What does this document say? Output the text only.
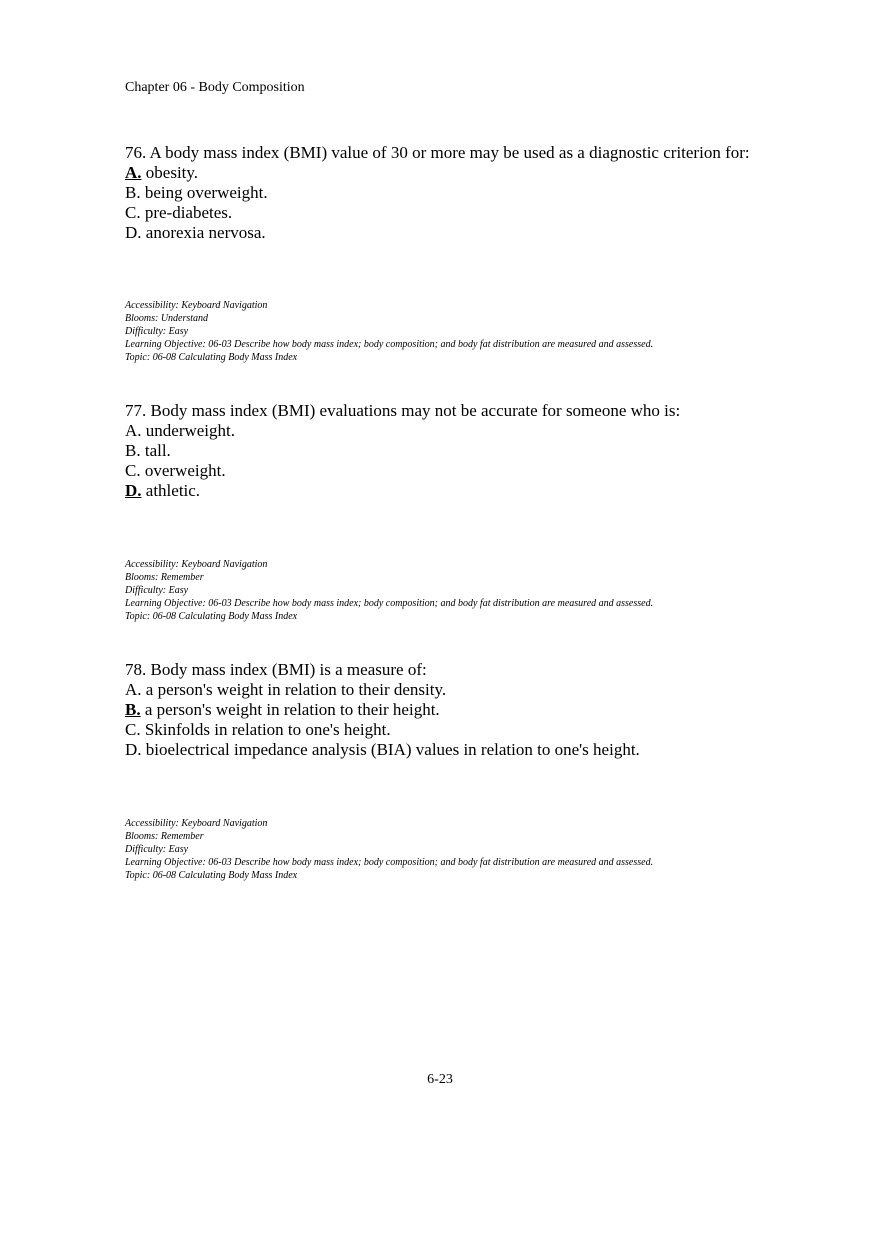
Chapter 06 - Body Composition
76. A body mass index (BMI) value of 30 or more may be used as a diagnostic criterion for:
A. obesity.
B. being overweight.
C. pre-diabetes.
D. anorexia nervosa.
Accessibility: Keyboard Navigation
Blooms: Understand
Difficulty: Easy
Learning Objective: 06-03 Describe how body mass index; body composition; and body fat distribution are measured and assessed.
Topic: 06-08 Calculating Body Mass Index
77. Body mass index (BMI) evaluations may not be accurate for someone who is:
A. underweight.
B. tall.
C. overweight.
D. athletic.
Accessibility: Keyboard Navigation
Blooms: Remember
Difficulty: Easy
Learning Objective: 06-03 Describe how body mass index; body composition; and body fat distribution are measured and assessed.
Topic: 06-08 Calculating Body Mass Index
78. Body mass index (BMI) is a measure of:
A. a person's weight in relation to their density.
B. a person's weight in relation to their height.
C. Skinfolds in relation to one's height.
D. bioelectrical impedance analysis (BIA) values in relation to one's height.
Accessibility: Keyboard Navigation
Blooms: Remember
Difficulty: Easy
Learning Objective: 06-03 Describe how body mass index; body composition; and body fat distribution are measured and assessed.
Topic: 06-08 Calculating Body Mass Index
6-23
